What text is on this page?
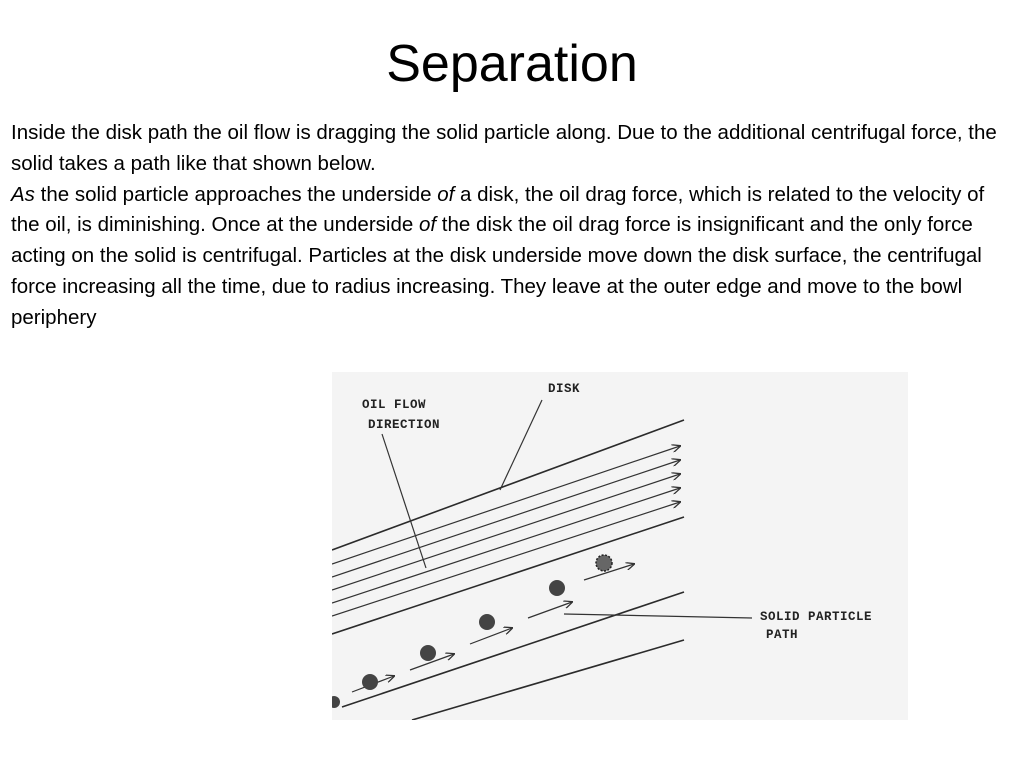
Separation

Inside the disk path the oil flow is dragging the solid particle along. Due to the additional centrifugal force, the solid takes a path like that shown below.

As the solid particle approaches the underside of a disk, the oil drag force, which is related to the velocity of the oil, is diminishing. Once at the underside of the disk the oil drag force is insignificant and the only force acting on the solid is centrifugal. Particles at the disk underside move down the disk surface, the centrifugal force increasing all the time, due to radius increasing. They leave at the outer edge and move to the bowl periphery

OIL FLOW
DIRECTION
DISK
SOLID PARTICLE
PATH
